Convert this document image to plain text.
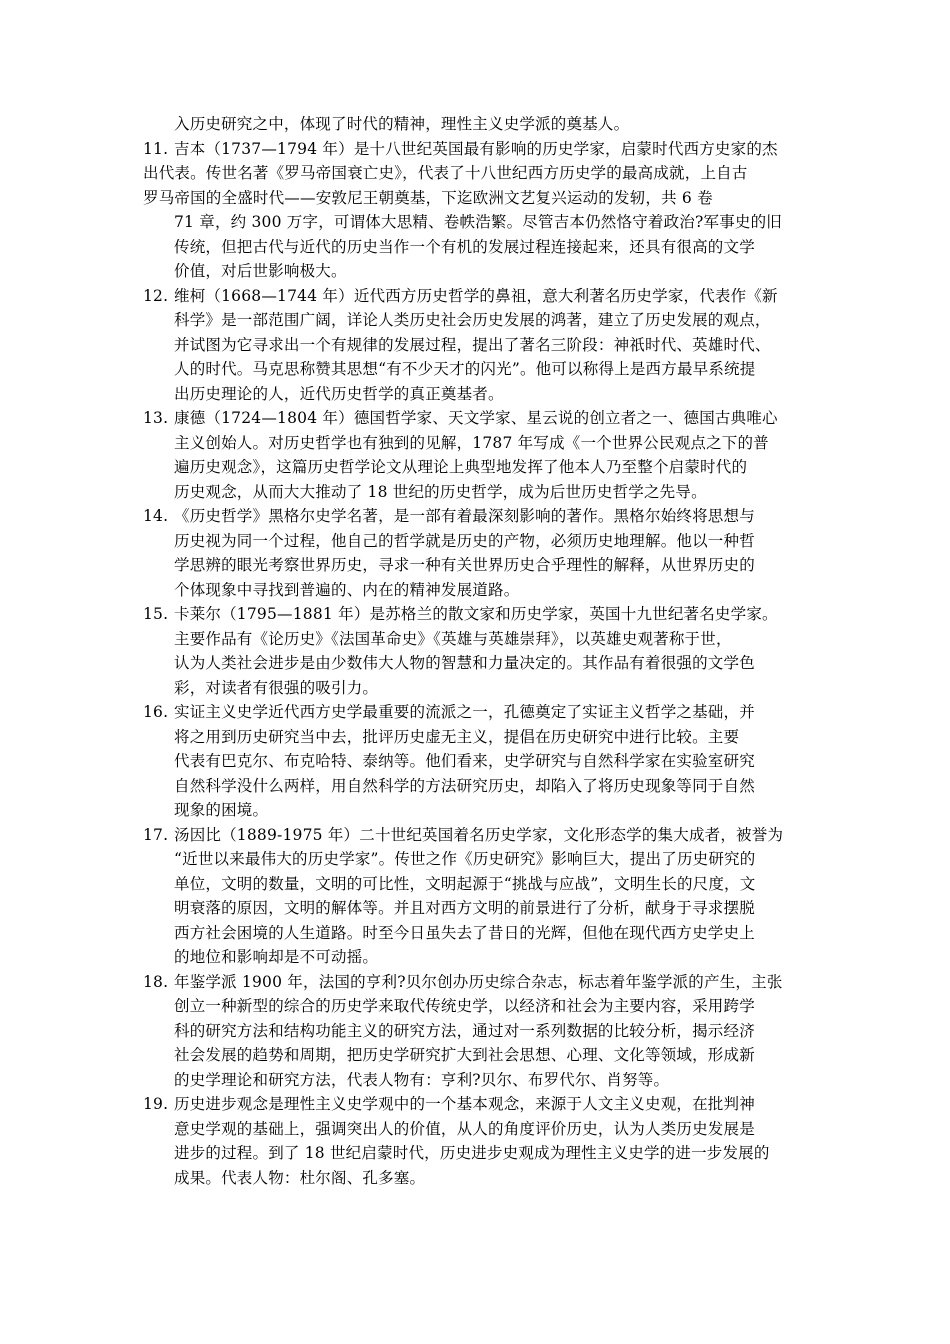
入历史研究之中，体现了时代的精神，理性主义史学派的奠基人。
11. 吉本（1737—1794 年）是十八世纪英国最有影响的历史学家，启蒙时代西方史家的杰
出代表。传世名著《罗马帝国衰亡史》，代表了十八世纪西方历史学的最高成就，上自古
罗马帝国的全盛时代——安敦尼王朝奠基，下迄欧洲文艺复兴运动的发轫，共 6 卷
71 章，约 300 万字，可谓体大思精、卷帙浩繁。尽管吉本仍然恪守着政治?军事史的旧
传统，但把古代与近代的历史当作一个有机的发展过程连接起来，还具有很高的文学
价值，对后世影响极大。
12. 维柯（1668—1744 年）近代西方历史哲学的鼻祖，意大利著名历史学家，代表作《新
科学》是一部范围广阔，详论人类历史社会历史发展的鸿著，建立了历史发展的观点，
并试图为它寻求出一个有规律的发展过程，提出了著名三阶段：神祇时代、英雄时代、
人的时代。马克思称赞其思想“有不少天才的闪光”。他可以称得上是西方最早系统提
出历史理论的人，近代历史哲学的真正奠基者。
13. 康德（1724—1804 年）德国哲学家、天文学家、星云说的创立者之一、德国古典唯心
主义创始人。对历史哲学也有独到的见解，1787 年写成《一个世界公民观点之下的普
遍历史观念》，这篇历史哲学论文从理论上典型地发挥了他本人乃至整个启蒙时代的
历史观念，从而大大推动了 18 世纪的历史哲学，成为后世历史哲学之先导。
14. 《历史哲学》黑格尔史学名著，是一部有着最深刻影响的著作。黑格尔始终将思想与
历史视为同一个过程，他自己的哲学就是历史的产物，必须历史地理解。他以一种哲
学思辨的眼光考察世界历史，寻求一种有关世界历史合乎理性的解释，从世界历史的
个体现象中寻找到普遍的、内在的精神发展道路。
15. 卡莱尔（1795—1881 年）是苏格兰的散文家和历史学家，英国十九世纪著名史学家。
主要作品有《论历史》《法国革命史》《英雄与英雄崇拜》，以英雄史观著称于世，
认为人类社会进步是由少数伟大人物的智慧和力量决定的。其作品有着很强的文学色
彩，对读者有很强的吸引力。
16. 实证主义史学近代西方史学最重要的流派之一，孔德奠定了实证主义哲学之基础，并
将之用到历史研究当中去，批评历史虚无主义，提倡在历史研究中进行比较。主要
代表有巴克尔、布克哈特、泰纳等。他们看来，史学研究与自然科学家在实验室研究
自然科学没什么两样，用自然科学的方法研究历史，却陷入了将历史现象等同于自然
现象的困境。
17. 汤因比（1889-1975 年）二十世纪英国着名历史学家，文化形态学的集大成者，被誉为
“近世以来最伟大的历史学家”。传世之作《历史研究》影响巨大，提出了历史研究的
单位，文明的数量，文明的可比性，文明起源于“挑战与应战”，文明生长的尺度，文
明衰落的原因，文明的解体等。并且对西方文明的前景进行了分析，献身于寻求摆脱
西方社会困境的人生道路。时至今日虽失去了昔日的光辉，但他在现代西方史学史上
的地位和影响却是不可动摇。
18. 年鉴学派 1900 年，法国的亨利?贝尔创办历史综合杂志，标志着年鉴学派的产生，主张
创立一种新型的综合的历史学来取代传统史学，以经济和社会为主要内容，采用跨学
科的研究方法和结构功能主义的研究方法，通过对一系列数据的比较分析，揭示经济
社会发展的趋势和周期，把历史学研究扩大到社会思想、心理、文化等领域，形成新
的史学理论和研究方法，代表人物有：亨利?贝尔、布罗代尔、肖努等。
19. 历史进步观念是理性主义史学观中的一个基本观念，来源于人文主义史观，在批判神
意史学观的基础上，强调突出人的价值，从人的角度评价历史，认为人类历史发展是
进步的过程。到了 18 世纪启蒙时代，历史进步史观成为理性主义史学的进一步发展的
成果。代表人物：杜尔阁、孔多塞。
